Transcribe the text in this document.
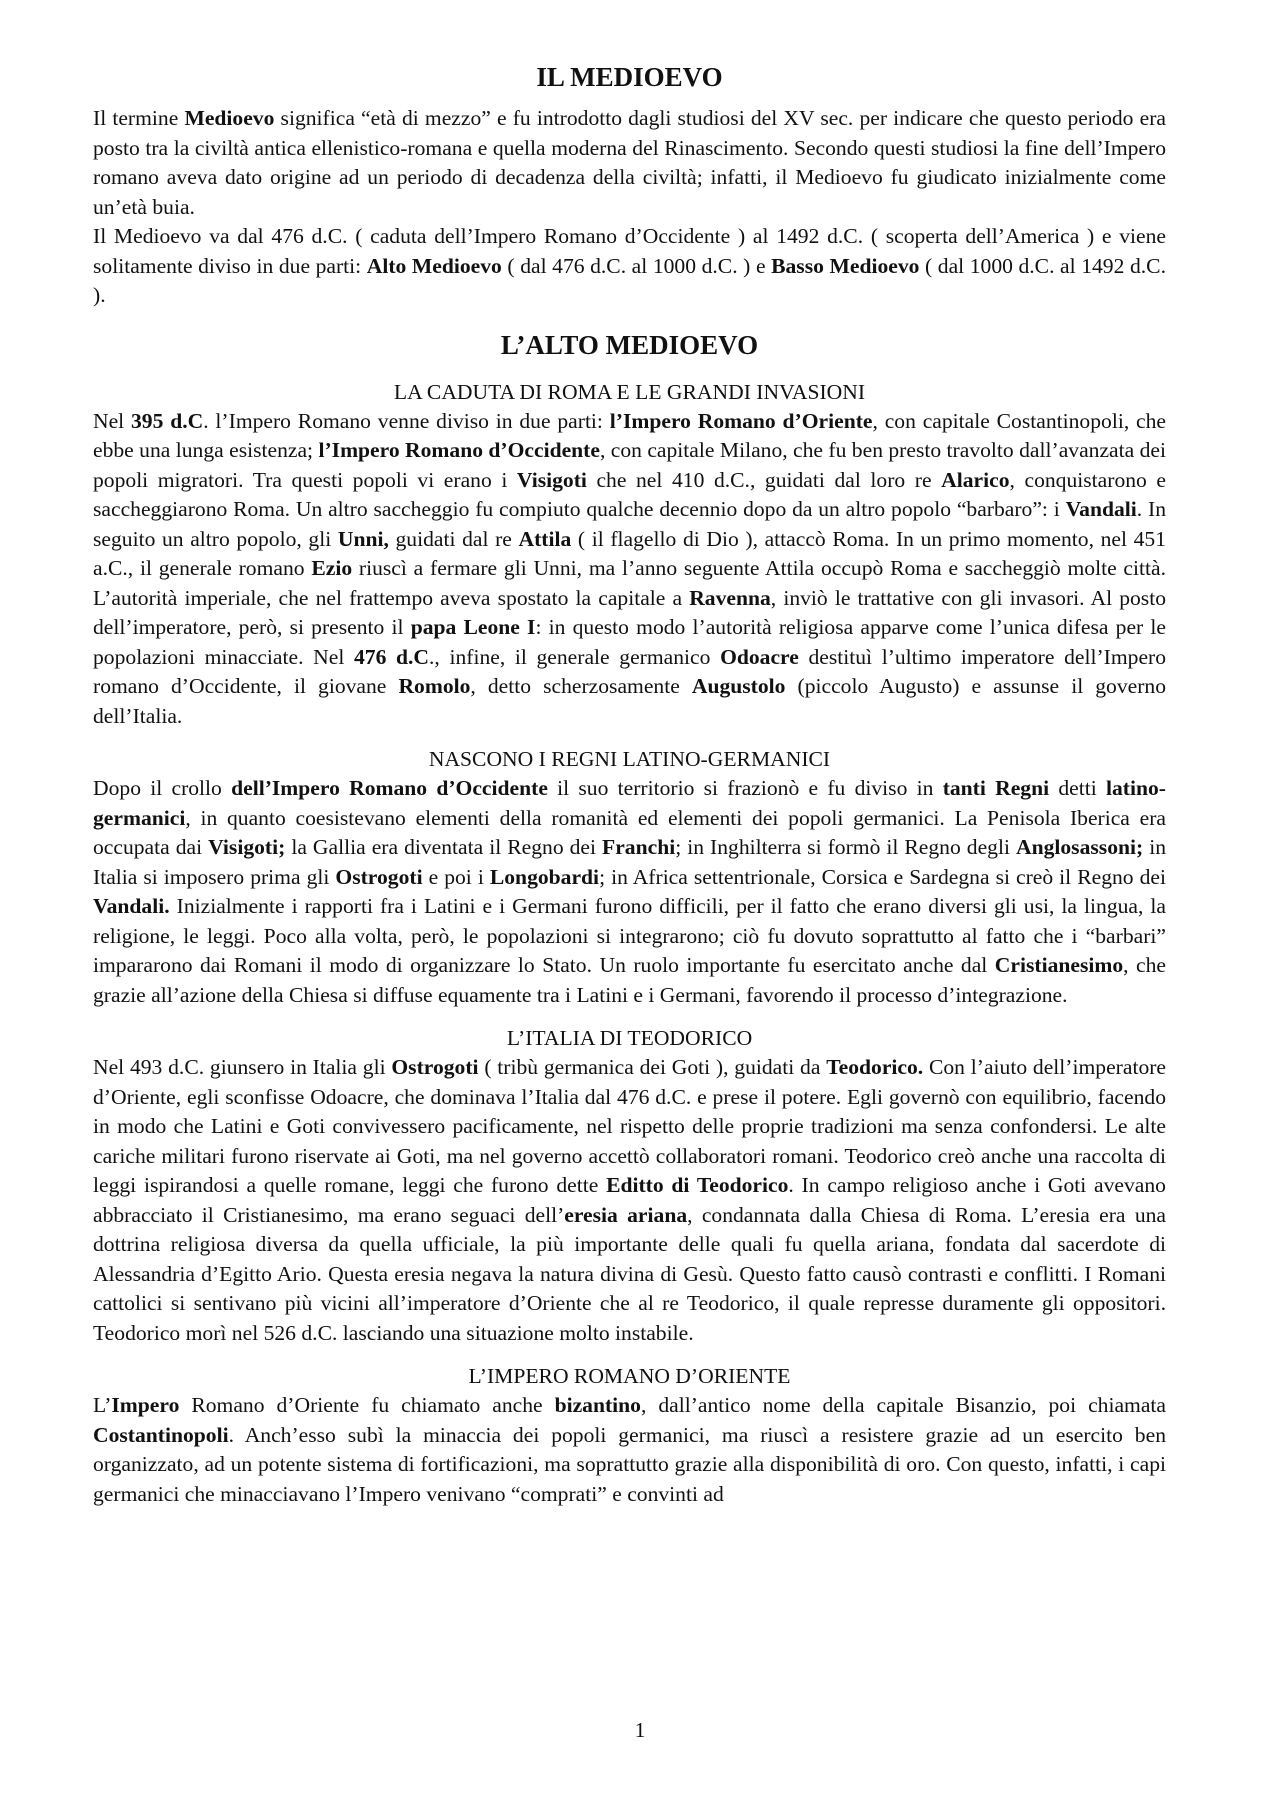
IL MEDIOEVO

Il termine Medioevo significa “età di mezzo” e fu introdotto dagli studiosi del XV sec. per indicare che questo periodo era posto tra la civiltà antica ellenistico-romana e quella moderna del Rinascimento. Secondo questi studiosi la fine dell’Impero romano aveva dato origine ad un periodo di decadenza della civiltà; infatti, il Medioevo fu giudicato inizialmente come un’età buia.

Il Medioevo va dal 476 d.C. ( caduta dell’Impero Romano d’Occidente ) al 1492 d.C. ( scoperta dell’America ) e viene solitamente diviso in due parti: Alto Medioevo ( dal 476 d.C. al 1000 d.C. ) e Basso Medioevo ( dal 1000 d.C. al 1492 d.C. ).

L’ALTO MEDIOEVO
LA CADUTA DI ROMA E LE GRANDI INVASIONI

Nel 395 d.C. l’Impero Romano venne diviso in due parti: l’Impero Romano d’Oriente, con capitale Costantinopoli, che ebbe una lunga esistenza; l’Impero Romano d’Occidente, con capitale Milano, che fu ben presto travolto dall’avanzata dei popoli migratori. Tra questi popoli vi erano i Visigoti che nel 410 d.C., guidati dal loro re Alarico, conquistarono e saccheggiarono Roma. Un altro saccheggio fu compiuto qualche decennio dopo da un altro popolo “barbaro”: i Vandali. In seguito un altro popolo, gli Unni, guidati dal re Attila ( il flagello di Dio ), attaccò Roma. In un primo momento, nel 451 a.C., il generale romano Ezio riuscì a fermare gli Unni, ma l’anno seguente Attila occupò Roma e saccheggiò molte città. L’autorità imperiale, che nel frattempo aveva spostato la capitale a Ravenna, inviò le trattative con gli invasori. Al posto dell’imperatore, però, si presento il papa Leone I: in questo modo l’autorità religiosa apparve come l’unica difesa per le popolazioni minacciate. Nel 476 d.C., infine, il generale germanico Odoacre destituì l’ultimo imperatore dell’Impero romano d’Occidente, il giovane Romolo, detto scherzosamente Augustolo (piccolo Augusto) e assunse il governo dell’Italia.

NASCONO I REGNI LATINO-GERMANICI

Dopo il crollo dell’Impero Romano d’Occidente il suo territorio si frazionò e fu diviso in tanti Regni detti latino-germanici, in quanto coesistevano elementi della romanità ed elementi dei popoli germanici. La Penisola Iberica era occupata dai Visigoti; la Gallia era diventata il Regno dei Franchi; in Inghilterra si formò il Regno degli Anglosassoni; in Italia si imposero prima gli Ostrogoti e poi i Longobardi; in Africa settentrionale, Corsica e Sardegna si creò il Regno dei Vandali. Inizialmente i rapporti fra i Latini e i Germani furono difficili, per il fatto che erano diversi gli usi, la lingua, la religione, le leggi. Poco alla volta, però, le popolazioni si integrarono; ciò fu dovuto soprattutto al fatto che i “barbari” impararono dai Romani il modo di organizzare lo Stato. Un ruolo importante fu esercitato anche dal Cristianesimo, che grazie all’azione della Chiesa si diffuse equamente tra i Latini e i Germani, favorendo il processo d’integrazione.

L’ITALIA DI TEODORICO

Nel 493 d.C. giunsero in Italia gli Ostrogoti ( tribù germanica dei Goti ), guidati da Teodorico. Con l’aiuto dell’imperatore d’Oriente, egli sconfisse Odoacre, che dominava l’Italia dal 476 d.C. e prese il potere. Egli governò con equilibrio, facendo in modo che Latini e Goti convivessero pacificamente, nel rispetto delle proprie tradizioni ma senza confondersi. Le alte cariche militari furono riservate ai Goti, ma nel governo accettò collaboratori romani. Teodorico creò anche una raccolta di leggi ispirandosi a quelle romane, leggi che furono dette Editto di Teodorico. In campo religioso anche i Goti avevano abbracciato il Cristianesimo, ma erano seguaci dell’eresia ariana, condannata dalla Chiesa di Roma. L’eresia era una dottrina religiosa diversa da quella ufficiale, la più importante delle quali fu quella ariana, fondata dal sacerdote di Alessandria d’Egitto Ario. Questa eresia negava la natura divina di Gesù. Questo fatto causò contrasti e conflitti. I Romani cattolici si sentivano più vicini all’imperatore d’Oriente che al re Teodorico, il quale represse duramente gli oppositori. Teodorico morì nel 526 d.C. lasciando una situazione molto instabile.

L’IMPERO ROMANO D’ORIENTE

L’Impero Romano d’Oriente fu chiamato anche bizantino, dall’antico nome della capitale Bisanzio, poi chiamata Costantinopoli. Anch’esso subì la minaccia dei popoli germanici, ma riuscì a resistere grazie ad un esercito ben organizzato, ad un potente sistema di fortificazioni, ma soprattutto grazie alla disponibilità di oro. Con questo, infatti, i capi germanici che minacciavano l’Impero venivano “comprati” e convinti ad

1
